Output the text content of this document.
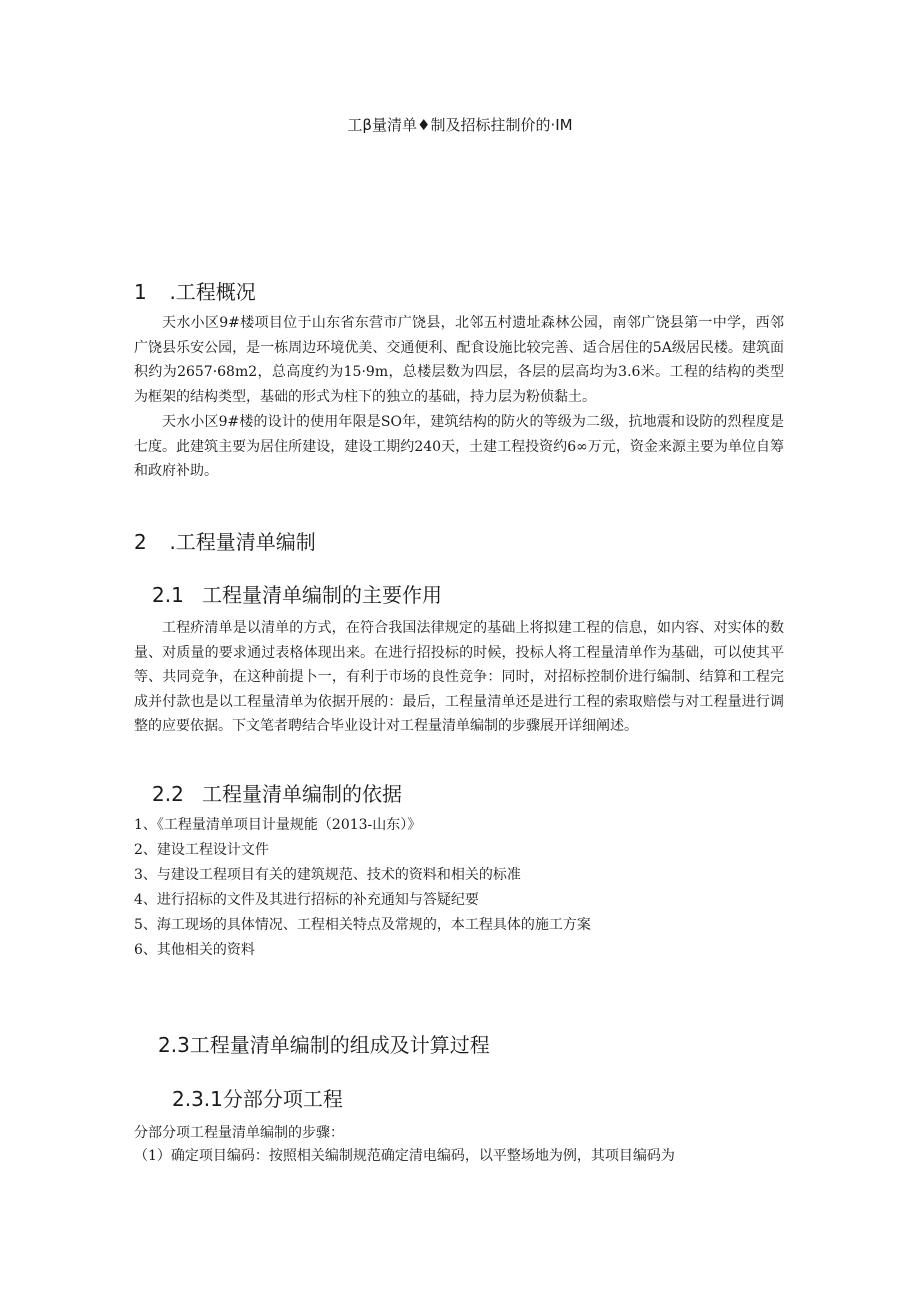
工β量清单♦制及招标拄制价的·IM
1 .工程概况

天水小区9#楼项目位于山东省东营市广饶县，北邻五村遗址森林公园，南邻广饶县第一中学，西邻广饶县乐安公园，是一栋周边环境优美、交通便利、配食设施比较完善、适合居住的5A级居民楼。建筑面积约为2657·68m2，总高度约为15·9m，总楼层数为四层，各层的层高均为3.6米。工程的结构的类型为框架的结构类型，基础的形式为柱下的独立的基础，持力层为粉侦黏土。

天水小区9#楼的设计的使用年限是SO年，建筑结构的防火的等级为二级，抗地震和设防的烈程度是七度。此建筑主要为居住所建设，建设工期约240天，土建工程投资约6∞万元，资金来源主要为单位自筹和政府补助。

2 .工程量清单编制
2.1 工程量清单编制的主要作用

工程疥清单是以清单的方式，在符合我国法律规定的基础上将拟建工程的信息，如内容、对实体的数量、对质量的要求通过表格体现出来。在进行招投标的时候，投标人将工程量清单作为基础，可以使其平等、共同竞争，在这种前提卜一，有利于市场的良性竞争：同时，对招标控制价进行编制、结算和工程完成并付款也是以工程量清单为依据开展的：最后，工程量清单还是进行工程的索取赔偿与对工程量进行调整的应要依据。下文笔者聘结合毕业设计对工程量清单编制的步骤展开详细阐述。

2.2 工程量清单编制的依据
1、《工程量清单项目计量规能（2013-山东）》
2、建设工程设计文件
3、与建设工程项目有关的建筑规范、技术的资料和相关的标准
4、进行招标的文件及其进行招标的补充通知与答疑纪要
5、海工现场的具体情况、工程相关特点及常规的，本工程具体的施工方案
6、其他相关的资料
2.3工程量清单编制的组成及计算过程
2.3.1分部分项工程

分部分项工程量清单编制的步骤：

（1）确定项目编码：按照相关编制规范确定清电编码，以平整场地为例，其项目编码为
